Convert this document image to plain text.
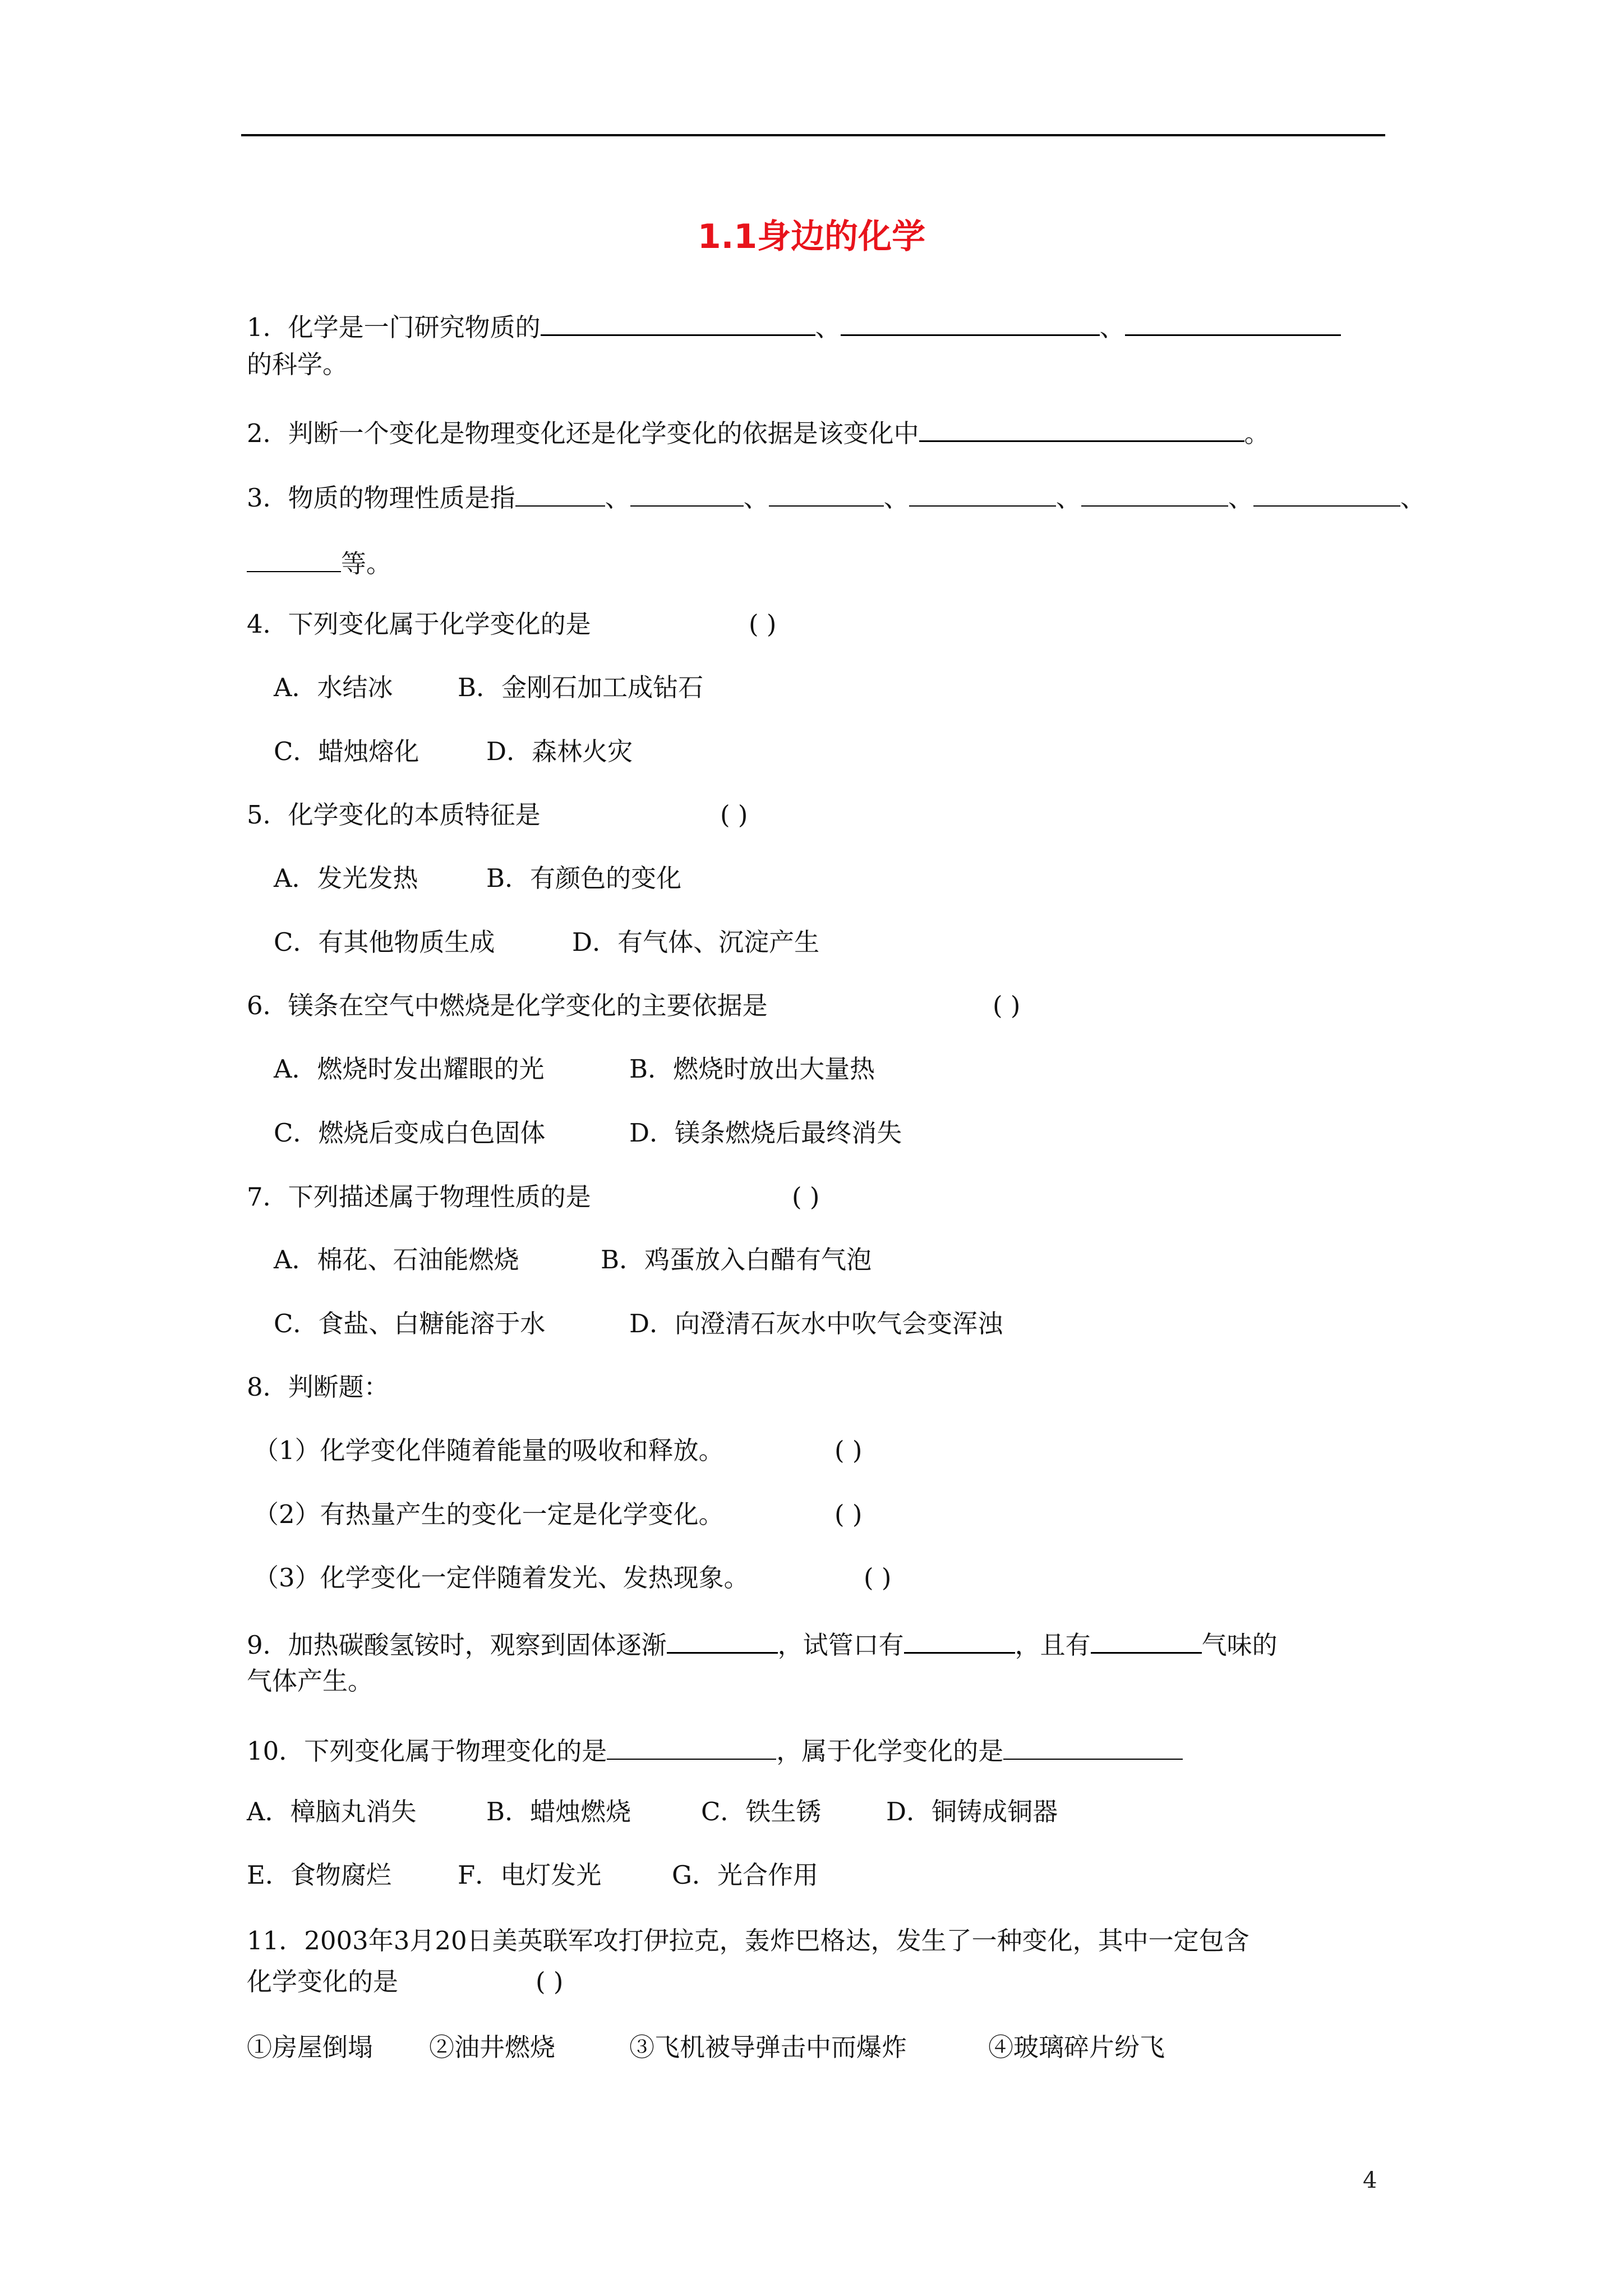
1.1身边的化学
1．化学是一门研究物质的	、	、
的科学。
2．判断一个变化是物理变化还是化学变化的依据是该变化中	。
3．物质的物理性质是指	、	、	、	、	、	、
等。
4．下列变化属于化学变化的是	( )
A．水结冰	B．金刚石加工成钻石
C．蜡烛熔化	D．森林火灾
5．化学变化的本质特征是	( )
A．发光发热	B．有颜色的变化
C．有其他物质生成	D．有气体、沉淀产生
6．镁条在空气中燃烧是化学变化的主要依据是	( )
A．燃烧时发出耀眼的光	B．燃烧时放出大量热
C．燃烧后变成白色固体	D．镁条燃烧后最终消失
7．下列描述属于物理性质的是	( )
A．棉花、石油能燃烧	B．鸡蛋放入白醋有气泡
C．食盐、白糖能溶于水	D．向澄清石灰水中吹气会变浑浊
8．判断题：
（1）化学变化伴随着能量的吸收和释放。	( )
（2）有热量产生的变化一定是化学变化。	( )
（3）化学变化一定伴随着发光、发热现象。	( )
9．加热碳酸氢铵时，观察到固体逐渐	，试管口有	，且有	气味的
气体产生。
10．下列变化属于物理变化的是	，属于化学变化的是
A．樟脑丸消失	B．蜡烛燃烧	C．铁生锈	D．铜铸成铜器
E．食物腐烂	F．电灯发光	G．光合作用
11．2003年3月20日美英联军攻打伊拉克，轰炸巴格达，发生了一种变化，其中一定包含
化学变化的是	( )
①房屋倒塌 ②油井燃烧	③飞机被导弹击中而爆炸	④玻璃碎片纷飞
4
